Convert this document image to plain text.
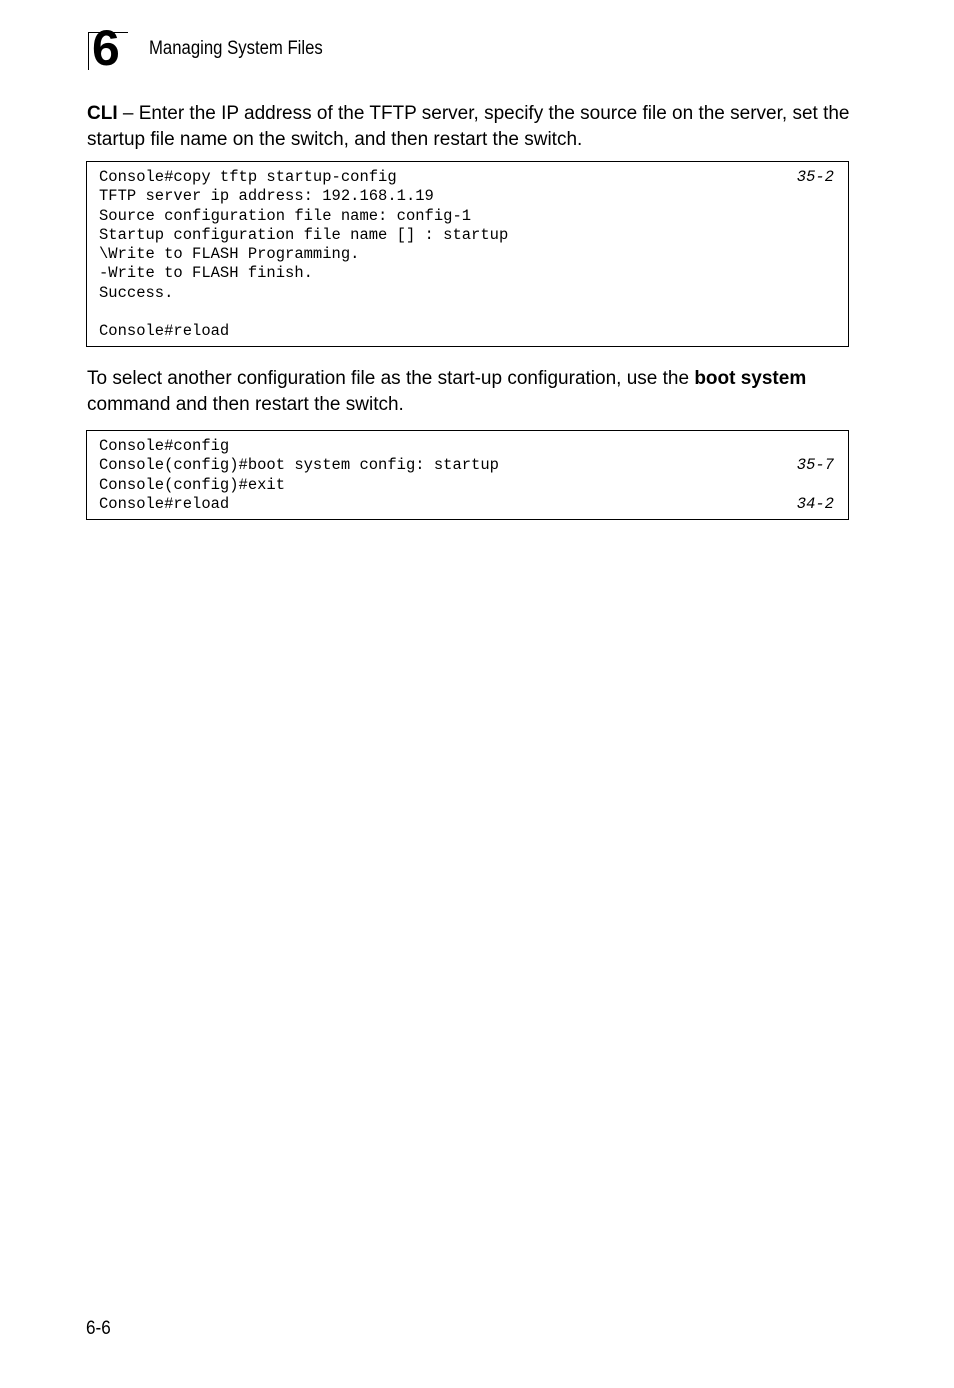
6 Managing System Files

CLI – Enter the IP address of the TFTP server, specify the source file on the server, set the startup file name on the switch, and then restart the switch.

Console#copy tftp startup-config	35-2
TFTP server ip address: 192.168.1.19
Source configuration file name: config-1
Startup configuration file name [] : startup
\Write to FLASH Programming.
-Write to FLASH finish.
Success.
Console#reload

To select another configuration file as the start-up configuration, use the boot system command and then restart the switch.

Console#config
Console(config)#boot system config: startup	35-7
Console(config)#exit
Console#reload	34-2
6-6
